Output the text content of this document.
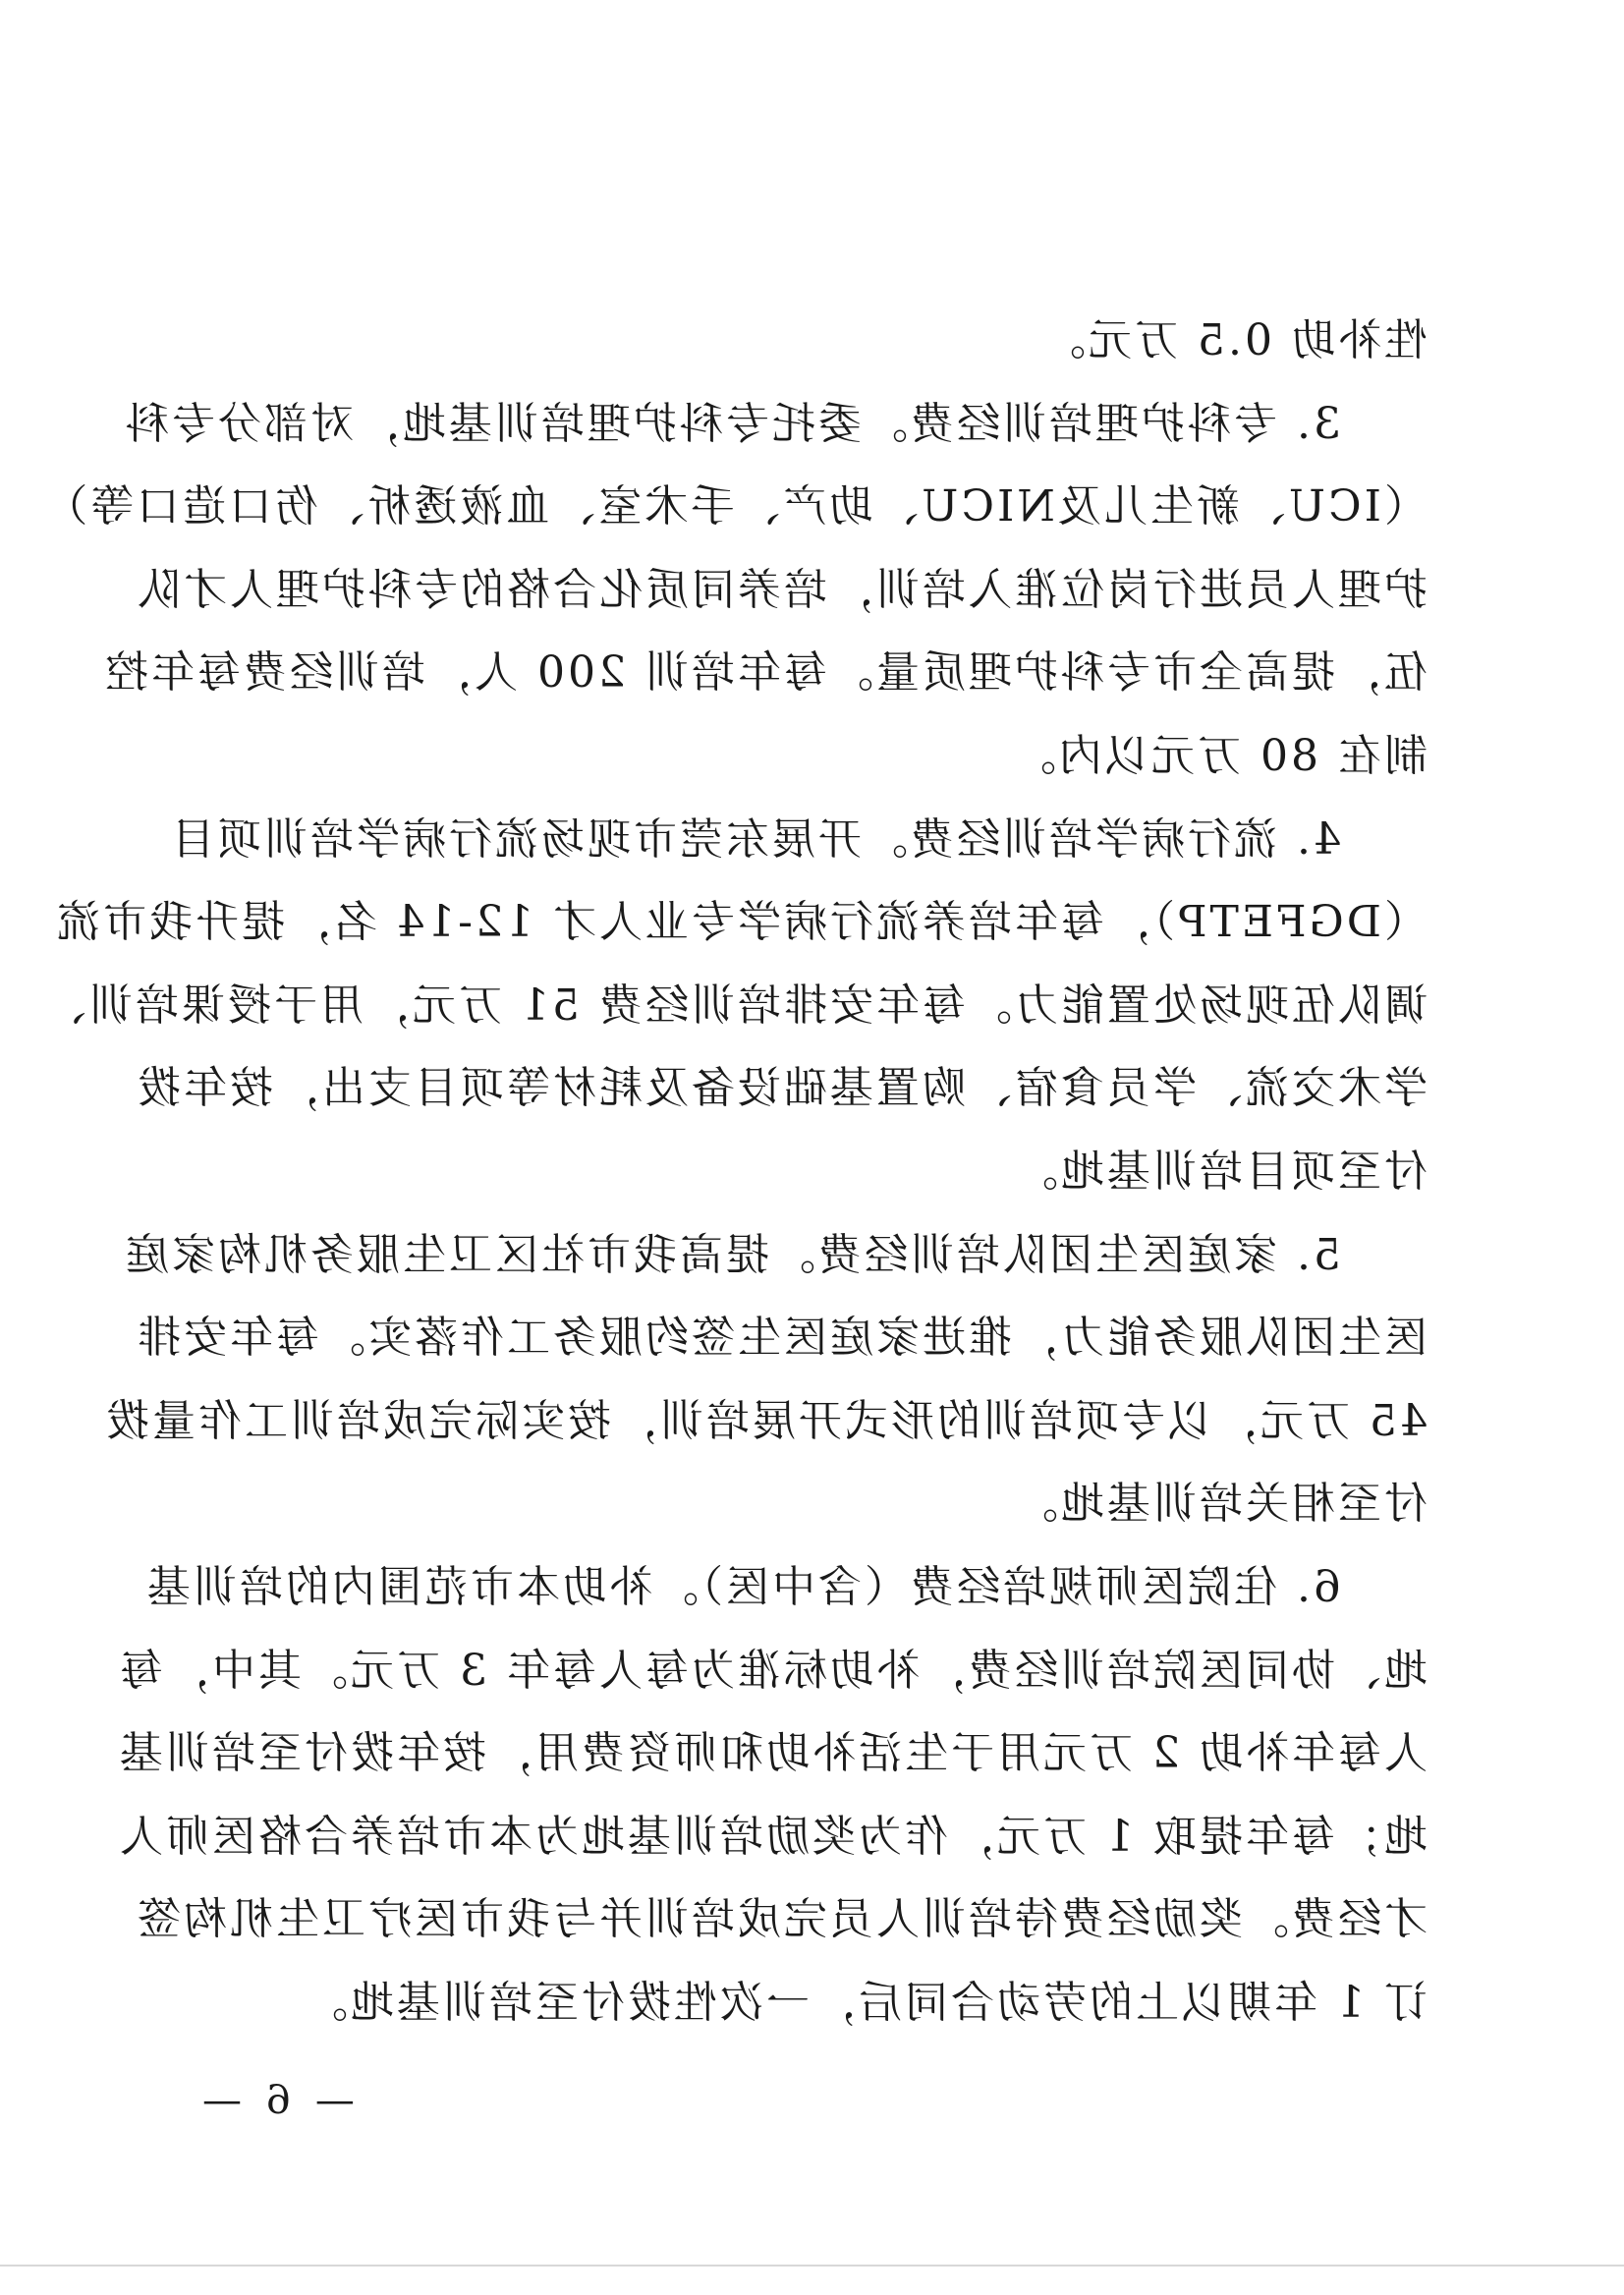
性补助 0.5 万元。
3. 专科护理培训经费。委托专科护理培训基地，对部分专科
（ICU、新生儿及NICU、助产、手术室、血液透析、伤口造口等）
护理人员进行岗位准入培训，培养同质化合格的专科护理人才队
伍，提高全市专科护理质量。每年培训 200 人，培训经费每年控
制在 80 万元以内。
4. 流行病学培训经费。开展东莞市现场流行病学培训项目
（DGFETP），每年培养流行病学专业人才 12-14 名，提升我市流
调队伍现场处置能力。每年安排培训经费 51 万元，用于授课培训、
学术交流、学员食宿、购置基础设备及耗材等项目支出，按年拨
付至项目培训基地。
5. 家庭医生团队培训经费。提高我市社区卫生服务机构家庭
医生团队服务能力，推进家庭医生签约服务工作落实。每年安排
45 万元，以专项培训的形式开展培训，按实际完成培训工作量拨
付至相关培训基地。
6. 住院医师规培经费（含中医）。补助本市范围内的培训基
地、协同医院培训经费，补助标准为每人每年 3 万元。其中，每
人每年补助 2 万元用于生活补助和师资费用，按年拨付至培训基
地；每年提取 1 万元，作为奖励培训基地为本市培养合格医师人
才经费。奖励经费待培训人员完成培训并与我市医疗卫生机构签
订 1 年期以上的劳动合同后，一次性拨付至培训基地。
— 6 —
